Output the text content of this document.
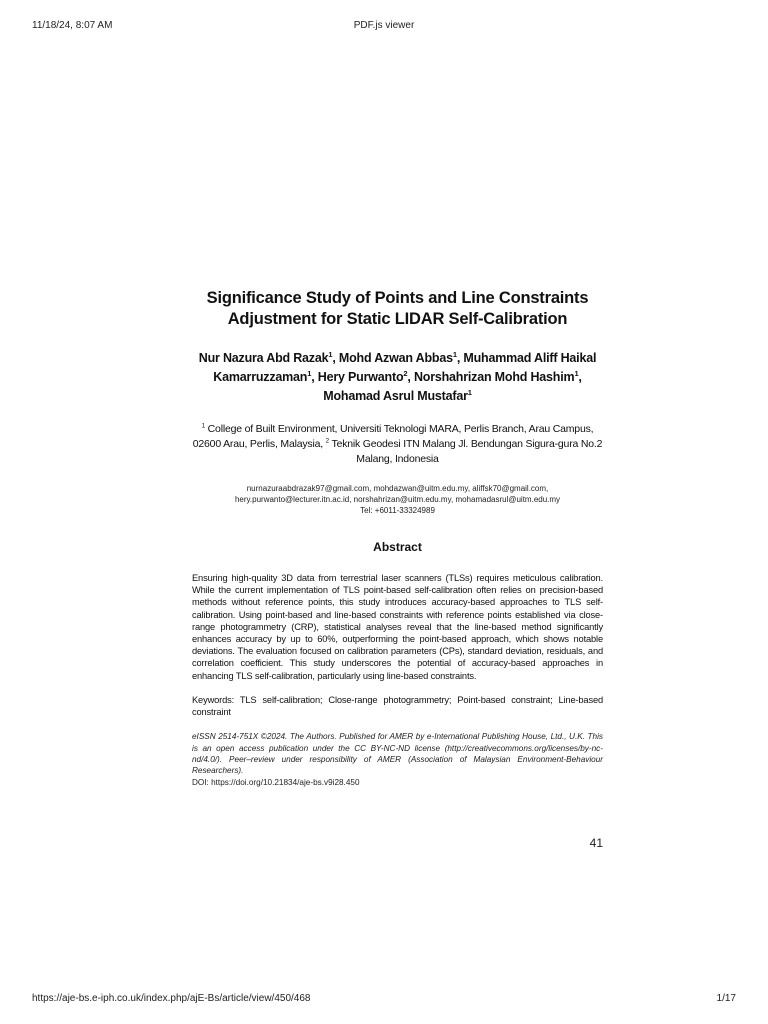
11/18/24, 8:07 AM	PDF.js viewer
Significance Study of Points and Line Constraints
Adjustment for Static LIDAR Self-Calibration

Nur Nazura Abd Razak$^1$, Mohd Azwan Abbas$^1$, Muhammad Aliff Haikal Kamarruzzaman$^1$, Hery Purwanto$^2$, Norshahrizan Mohd Hashim$^1$, Mohamad Asrul Mustafar$^1$

$^1$ College of Built Environment, Universiti Teknologi MARA, Perlis Branch, Arau Campus, 02600 Arau, Perlis, Malaysia, $^2$ Teknik Geodesi ITN Malang Jl. Bendungan Sigura-gura No.2 Malang, Indonesia

nurnazuraabdrazak97@gmail.com, mohdazwan@uitm.edu.my, aliffsk70@gmail.com,
hery.purwanto@lecturer.itn.ac.id, norshahrizan@uitm.edu.my, mohamadasrul@uitm.edu.my
Tel: +6011-33324989

Abstract

Ensuring high-quality 3D data from terrestrial laser scanners (TLSs) requires meticulous calibration. While the current implementation of TLS point-based self-calibration often relies on precision-based methods without reference points, this study introduces accuracy-based approaches to TLS self-calibration. Using point-based and line-based constraints with reference points established via close-range photogrammetry (CRP), statistical analyses reveal that the line-based method significantly enhances accuracy by up to 60%, outperforming the point-based approach, which shows notable deviations. The evaluation focused on calibration parameters (CPs), standard deviation, residuals, and correlation coefficient. This study underscores the potential of accuracy-based approaches in enhancing TLS self-calibration, particularly using line-based constraints.

Keywords: TLS self-calibration; Close-range photogrammetry; Point-based constraint; Line-based constraint

eISSN 2514-751X ©2024. The Authors. Published for AMER by e-International Publishing House, Ltd., U.K. This is an open access publication under the CC BY-NC-ND license (http://creativecommons.org/licenses/by-nc-nd/4.0/). Peer–review under responsibility of AMER (Association of Malaysian Environment-Behaviour Researchers).

DOI: https://doi.org/10.21834/aje-bs.v9i28.450

41
https://aje-bs.e-iph.co.uk/index.php/ajE-Bs/article/view/450/468	1/17
